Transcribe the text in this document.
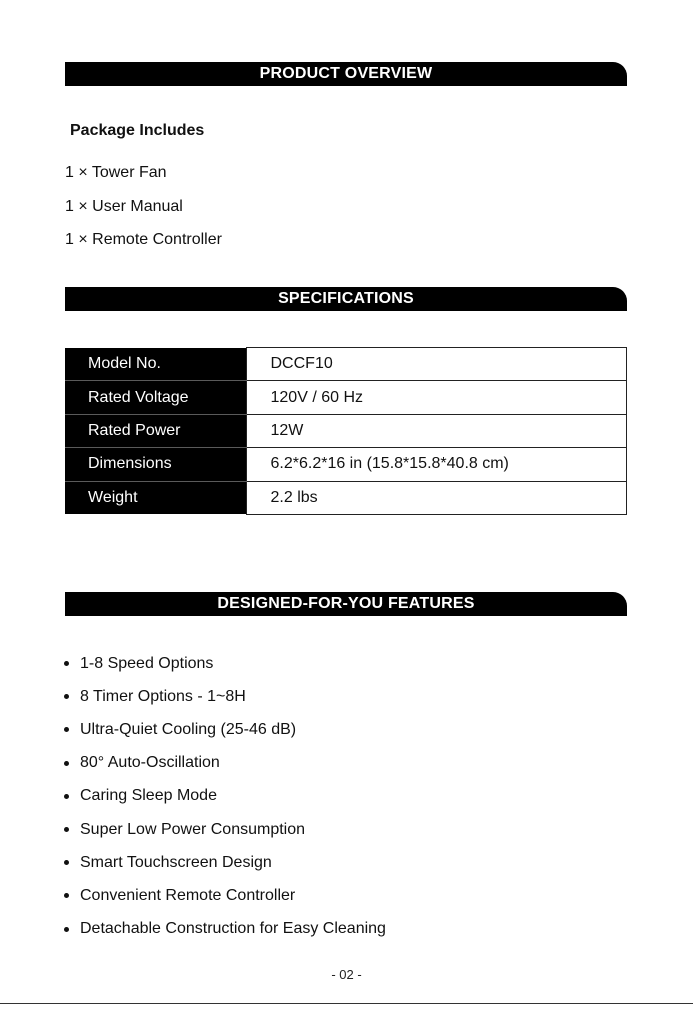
PRODUCT OVERVIEW
Package Includes
1 × Tower Fan
1 × User Manual
1 × Remote Controller
SPECIFICATIONS
Model No.	DCCF10
Rated Voltage	120V / 60 Hz
Rated Power	12W
Dimensions	6.2*6.2*16 in (15.8*15.8*40.8 cm)
Weight	2.2 lbs
DESIGNED-FOR-YOU FEATURES
1-8 Speed Options
8 Timer Options - 1~8H
Ultra-Quiet Cooling (25-46 dB)
80° Auto-Oscillation
Caring Sleep Mode
Super Low Power Consumption
Smart Touchscreen Design
Convenient Remote Controller
Detachable Construction for Easy Cleaning
- 02 -
